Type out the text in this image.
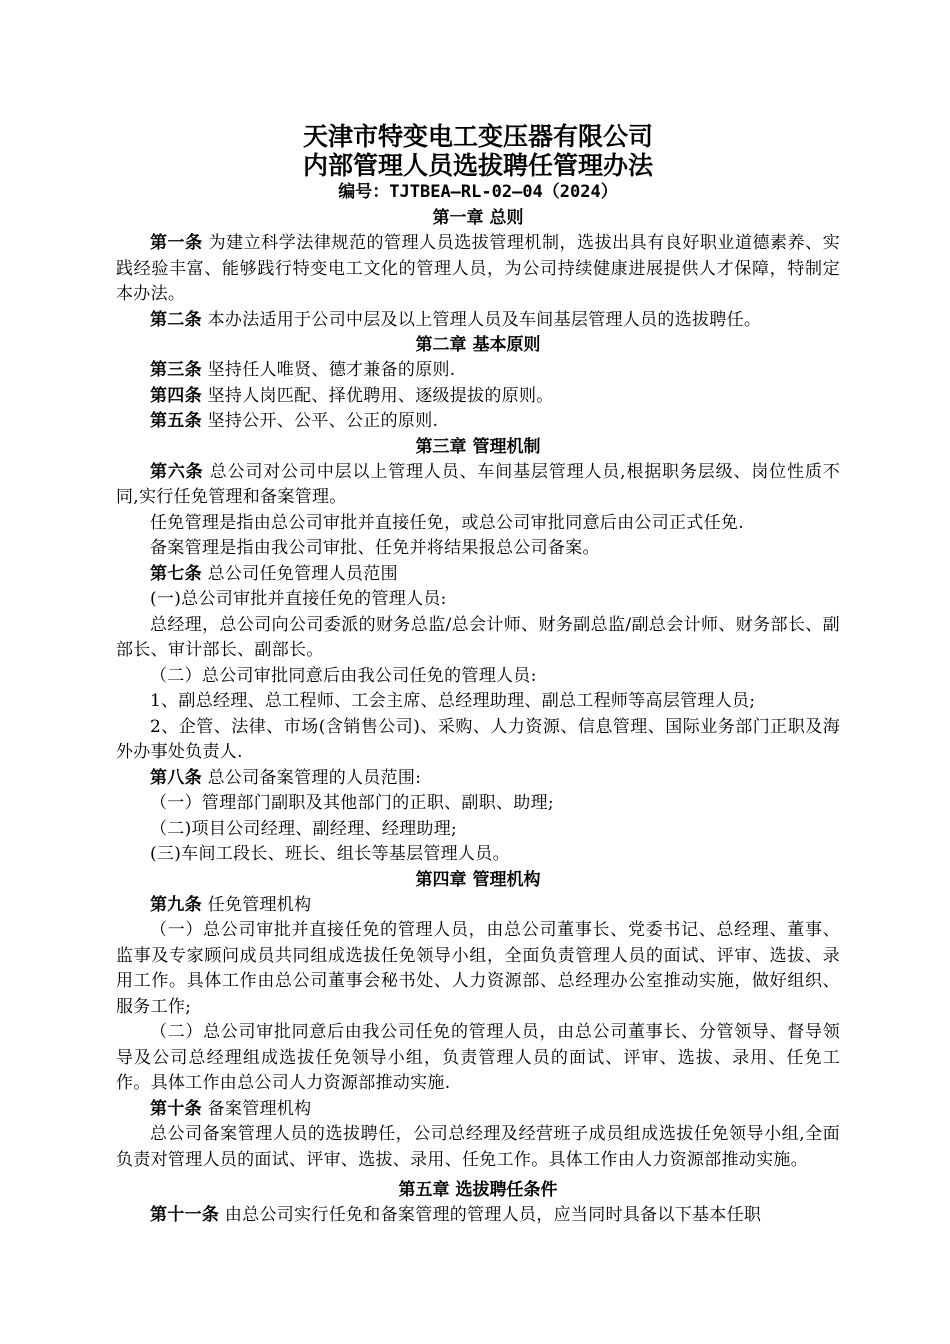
天津市特变电工变压器有限公司

内部管理人员选拔聘任管理办法

编号：TJTBEA—RL-02—04（2024）

第一章 总则

第一条 为建立科学法律规范的管理人员选拔管理机制，选拔出具有良好职业道德素养、实践经验丰富、能够践行特变电工文化的管理人员，为公司持续健康进展提供人才保障，特制定本办法。

第二条 本办法适用于公司中层及以上管理人员及车间基层管理人员的选拔聘任。

第二章 基本原则

第三条 坚持任人唯贤、德才兼备的原则.

第四条 坚持人岗匹配、择优聘用、逐级提拔的原则。

第五条 坚持公开、公平、公正的原则.

第三章 管理机制

第六条 总公司对公司中层以上管理人员、车间基层管理人员,根据职务层级、岗位性质不同,实行任免管理和备案管理。

任免管理是指由总公司审批并直接任免，或总公司审批同意后由公司正式任免.

备案管理是指由我公司审批、任免并将结果报总公司备案。

第七条 总公司任免管理人员范围

(一)总公司审批并直接任免的管理人员:

总经理，总公司向公司委派的财务总监/总会计师、财务副总监/副总会计师、财务部长、副部长、审计部长、副部长。

（二）总公司审批同意后由我公司任免的管理人员:

1、副总经理、总工程师、工会主席、总经理助理、副总工程师等高层管理人员;

2、企管、法律、市场(含销售公司)、采购、人力资源、信息管理、国际业务部门正职及海外办事处负责人.

第八条 总公司备案管理的人员范围:

（一）管理部门副职及其他部门的正职、副职、助理;

（二)项目公司经理、副经理、经理助理;

(三)车间工段长、班长、组长等基层管理人员。

第四章 管理机构

第九条 任免管理机构

（一）总公司审批并直接任免的管理人员，由总公司董事长、党委书记、总经理、董事、监事及专家顾问成员共同组成选拔任免领导小组，全面负责管理人员的面试、评审、选拔、录用工作。具体工作由总公司董事会秘书处、人力资源部、总经理办公室推动实施，做好组织、服务工作;

（二）总公司审批同意后由我公司任免的管理人员，由总公司董事长、分管领导、督导领导及公司总经理组成选拔任免领导小组，负责管理人员的面试、评审、选拔、录用、任免工作。具体工作由总公司人力资源部推动实施.

第十条 备案管理机构

总公司备案管理人员的选拔聘任，公司总经理及经营班子成员组成选拔任免领导小组,全面负责对管理人员的面试、评审、选拔、录用、任免工作。具体工作由人力资源部推动实施。

第五章 选拔聘任条件

第十一条 由总公司实行任免和备案管理的管理人员，应当同时具备以下基本任职
